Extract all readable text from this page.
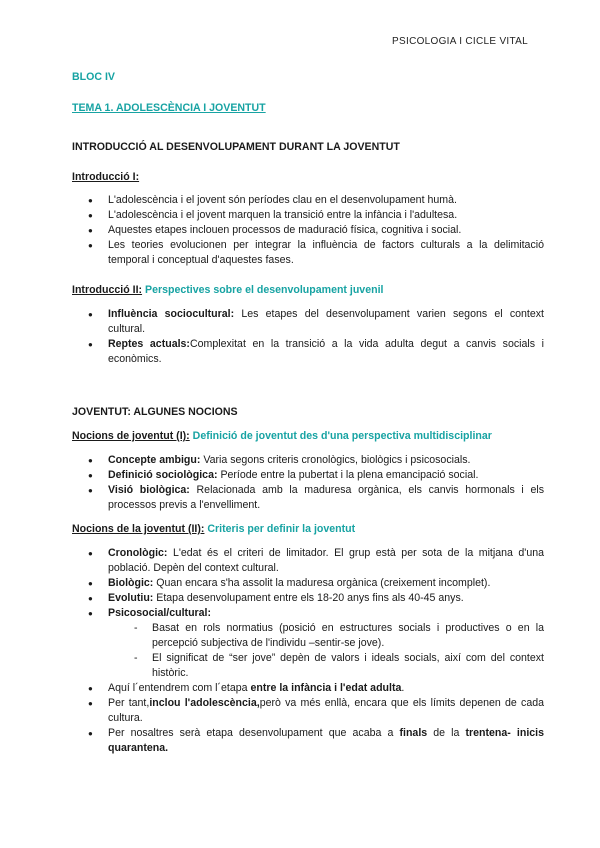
PSICOLOGIA I CICLE VITAL

BLOC IV

TEMA 1. ADOLESCÈNCIA I JOVENTUT

INTRODUCCIÓ AL DESENVOLUPAMENT DURANT LA JOVENTUT

Introducció I:

● L'adolescència i el jovent són períodes clau en el desenvolupament humà.
● L'adolescència i el jovent marquen la transició entre la infància i l'adultesa.
● Aquestes etapes inclouen processos de maduració física, cognitiva i social.
● Les teories evolucionen per integrar la influència de factors culturals a la delimitació temporal i conceptual d'aquestes fases.

Introducció II: Perspectives sobre el desenvolupament juvenil

● Influència sociocultural: Les etapes del desenvolupament varien segons el context cultural.
● Reptes actuals:Complexitat en la transició a la vida adulta degut a canvis socials i econòmics.

JOVENTUT: ALGUNES NOCIONS

Nocions de joventut (I): Definició de joventut des d'una perspectiva multidisciplinar

● Concepte ambigu: Varia segons criteris cronològics, biològics i psicosocials.
● Definició sociològica: Període entre la pubertat i la plena emancipació social.
● Visió biològica: Relacionada amb la maduresa orgànica, els canvis hormonals i els processos previs a l'envelliment.

Nocions de la joventut (II): Criteris per definir la joventut

● Cronològic: L'edat és el criteri de limitador. El grup està per sota de la mitjana d'una població. Depèn del context cultural.
● Biològic: Quan encara s'ha assolit la maduresa orgànica (creixement incomplet).
● Evolutiu: Etapa desenvolupament entre els 18-20 anys fins als 40-45 anys.
● Psicosocial/cultural:
- Basat en rols normatius (posició en estructures socials i productives o en la percepció subjectiva de l'individu –sentir-se jove).
- El significat de “ser jove” depèn de valors i ideals socials, així com del context històric.
● Aquí l´entendrem com l´etapa entre la infància i l'edat adulta.
● Per tant,inclou l'adolescència,però va més enllà, encara que els límits depenen de cada cultura.
● Per nosaltres serà etapa desenvolupament que acaba a finals de la trentena- inicis quarantena.
